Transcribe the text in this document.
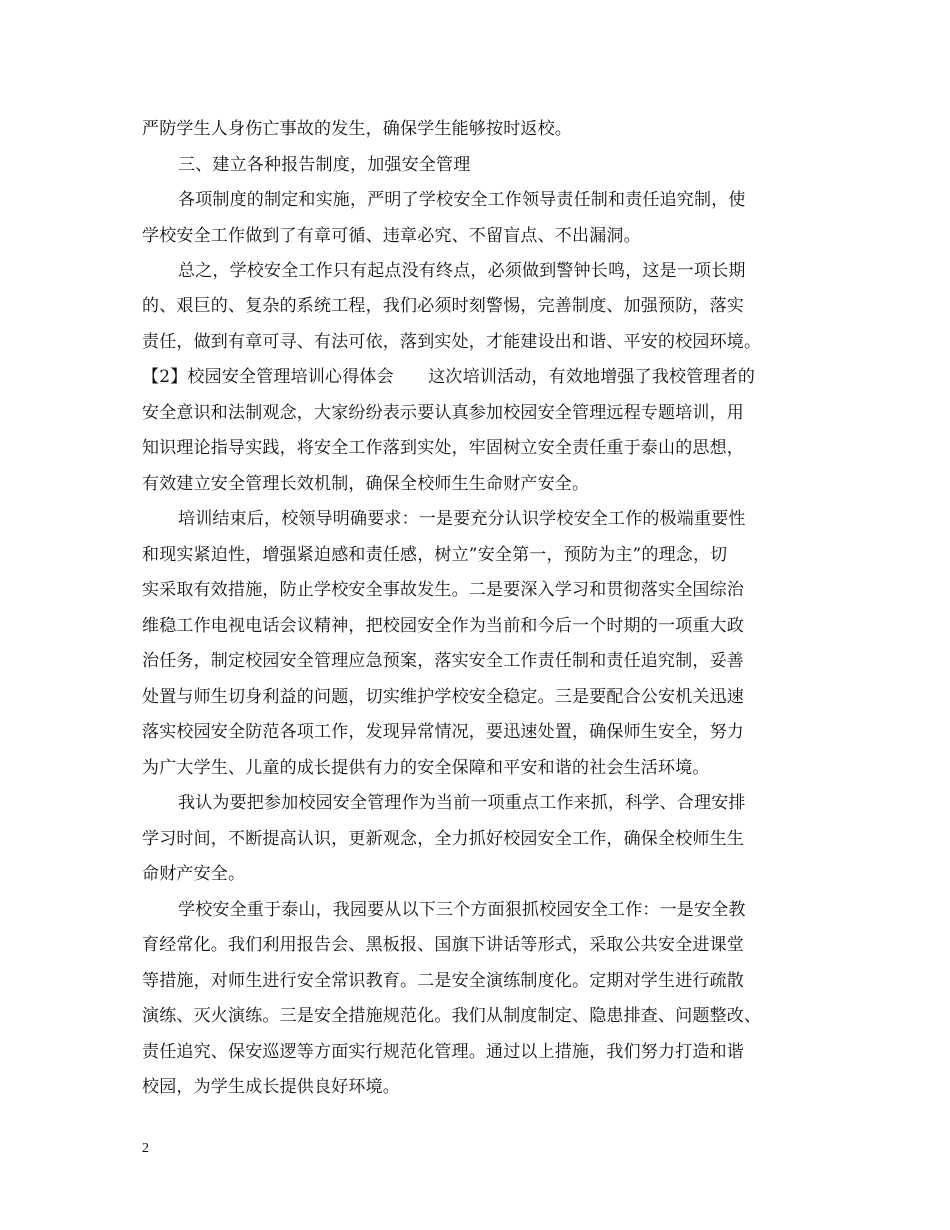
严防学生人身伤亡事故的发生，确保学生能够按时返校。
三、建立各种报告制度，加强安全管理
各项制度的制定和实施，严明了学校安全工作领导责任制和责任追究制，使
学校安全工作做到了有章可循、违章必究、不留盲点、不出漏洞。
总之，学校安全工作只有起点没有终点，必须做到警钟长鸣，这是一项长期
的、艰巨的、复杂的系统工程，我们必须时刻警惕，完善制度、加强预防，落实
责任，做到有章可寻、有法可依，落到实处，才能建设出和谐、平安的校园环境。
【2】校园安全管理培训心得体会　　这次培训活动，有效地增强了我校管理者的
安全意识和法制观念，大家纷纷表示要认真参加校园安全管理远程专题培训，用
知识理论指导实践，将安全工作落到实处，牢固树立安全责任重于泰山的思想，
有效建立安全管理长效机制，确保全校师生生命财产安全。
培训结束后，校领导明确要求：一是要充分认识学校安全工作的极端重要性
和现实紧迫性，增强紧迫感和责任感，树立”安全第一，预防为主”的理念，切
实采取有效措施，防止学校安全事故发生。二是要深入学习和贯彻落实全国综治
维稳工作电视电话会议精神，把校园安全作为当前和今后一个时期的一项重大政
治任务，制定校园安全管理应急预案，落实安全工作责任制和责任追究制，妥善
处置与师生切身利益的问题，切实维护学校安全稳定。三是要配合公安机关迅速
落实校园安全防范各项工作，发现异常情况，要迅速处置，确保师生安全，努力
为广大学生、儿童的成长提供有力的安全保障和平安和谐的社会生活环境。
我认为要把参加校园安全管理作为当前一项重点工作来抓，科学、合理安排
学习时间，不断提高认识，更新观念，全力抓好校园安全工作，确保全校师生生
命财产安全。
学校安全重于泰山，我园要从以下三个方面狠抓校园安全工作：一是安全教
育经常化。我们利用报告会、黑板报、国旗下讲话等形式，采取公共安全进课堂
等措施，对师生进行安全常识教育。二是安全演练制度化。定期对学生进行疏散
演练、灭火演练。三是安全措施规范化。我们从制度制定、隐患排查、问题整改、
责任追究、保安巡逻等方面实行规范化管理。通过以上措施，我们努力打造和谐
校园，为学生成长提供良好环境。
2
